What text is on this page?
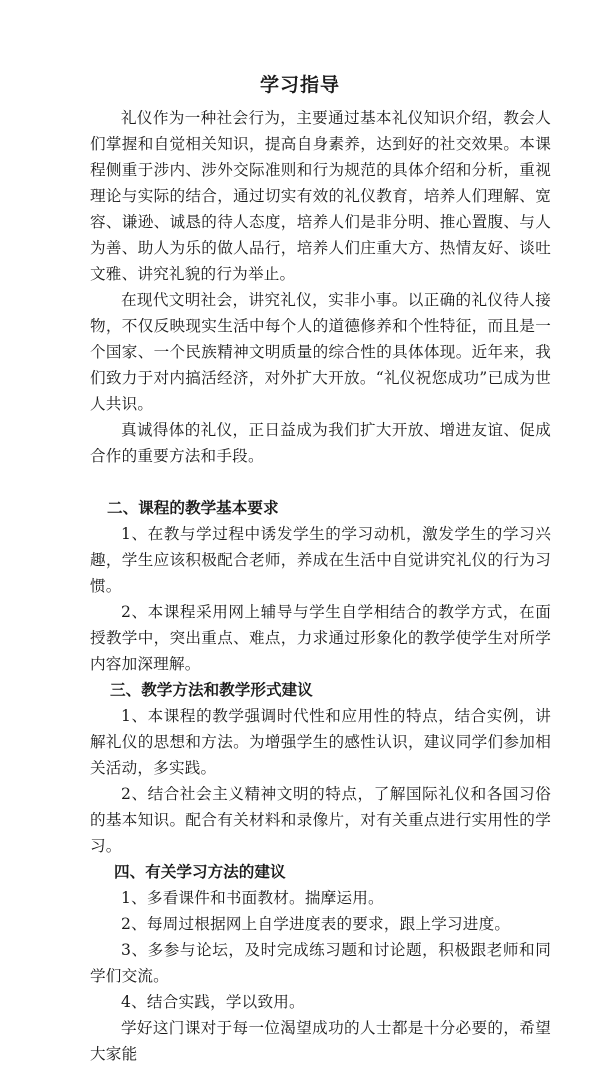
学习指导

礼仪作为一种社会行为，主要通过基本礼仪知识介绍，教会人们掌握和自觉相关知识，提高自身素养，达到好的社交效果。本课程侧重于涉内、涉外交际准则和行为规范的具体介绍和分析，重视理论与实际的结合，通过切实有效的礼仪教育，培养人们理解、宽容、谦逊、诚恳的待人态度，培养人们是非分明、推心置腹、与人为善、助人为乐的做人品行，培养人们庄重大方、热情友好、谈吐文雅、讲究礼貌的行为举止。

在现代文明社会，讲究礼仪，实非小事。以正确的礼仪待人接物，不仅反映现实生活中每个人的道德修养和个性特征，而且是一个国家、一个民族精神文明质量的综合性的具体体现。近年来，我们致力于对内搞活经济，对外扩大开放。“礼仪祝您成功”已成为世人共识。

真诚得体的礼仪，正日益成为我们扩大开放、增进友谊、促成合作的重要方法和手段。

二、课程的教学基本要求

1、在教与学过程中诱发学生的学习动机，激发学生的学习兴趣，学生应该积极配合老师，养成在生活中自觉讲究礼仪的行为习惯。

2、本课程采用网上辅导与学生自学相结合的教学方式，在面授教学中，突出重点、难点，力求通过形象化的教学使学生对所学内容加深理解。

三、教学方法和教学形式建议

1、本课程的教学强调时代性和应用性的特点，结合实例，讲解礼仪的思想和方法。为增强学生的感性认识，建议同学们参加相关活动，多实践。

2、结合社会主义精神文明的特点，了解国际礼仪和各国习俗的基本知识。配合有关材料和录像片，对有关重点进行实用性的学习。

四、有关学习方法的建议

1、多看课件和书面教材。揣摩运用。

2、每周过根据网上自学进度表的要求，跟上学习进度。

3、多参与论坛，及时完成练习题和讨论题，积极跟老师和同学们交流。

4、结合实践，学以致用。

学好这门课对于每一位渴望成功的人士都是十分必要的，希望大家能
